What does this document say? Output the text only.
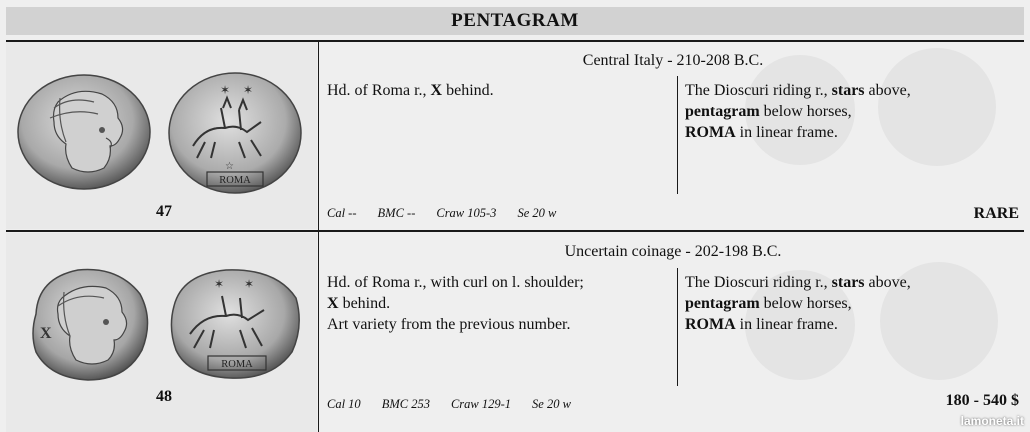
PENTAGRAM
✶ ✶
☆
ROMA
47
Central Italy - 210-208 B.C.
Hd. of Roma r., X behind.	The Dioscuri riding r., stars above,
pentagram below horses,
ROMA in linear frame.
Cal -- BMC -- Craw 105-3 Se 20 w	RARE
X
✶ ✶
ROMA
48
Uncertain coinage - 202-198 B.C.
Hd. of Roma r., with curl on l. shoulder;
X behind.
Art variety from the previous number.
The Dioscuri riding r., stars above,
pentagram below horses,
ROMA in linear frame.
Cal 10 BMC 253 Craw 129-1 Se 20 w	180 - 540 $
lamoneta.it
